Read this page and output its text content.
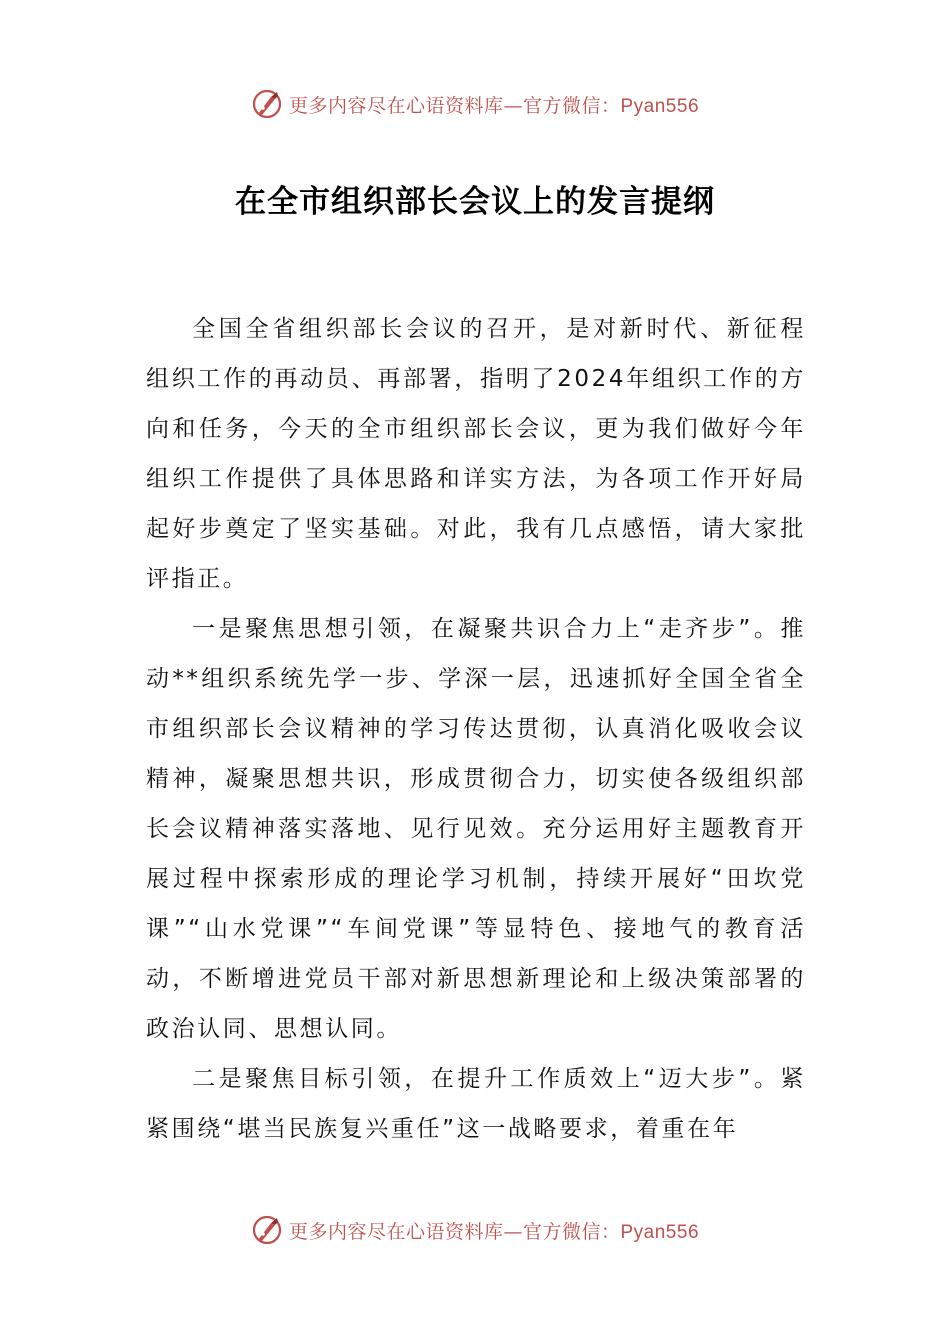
更多内容尽在心语资料库—官方微信：Pyan556
在全市组织部长会议上的发言提纲

全国全省组织部长会议的召开，是对新时代、新征程组织工作的再动员、再部署，指明了2024年组织工作的方向和任务，今天的全市组织部长会议，更为我们做好今年组织工作提供了具体思路和详实方法，为各项工作开好局起好步奠定了坚实基础。对此，我有几点感悟，请大家批评指正。

一是聚焦思想引领，在凝聚共识合力上“走齐步”。推动**组织系统先学一步、学深一层，迅速抓好全国全省全市组织部长会议精神的学习传达贯彻，认真消化吸收会议精神，凝聚思想共识，形成贯彻合力，切实使各级组织部长会议精神落实落地、见行见效。充分运用好主题教育开展过程中探索形成的理论学习机制，持续开展好“田坎党课”“山水党课”“车间党课”等显特色、接地气的教育活动，不断增进党员干部对新思想新理论和上级决策部署的政治认同、思想认同。

二是聚焦目标引领，在提升工作质效上“迈大步”。紧紧围绕“堪当民族复兴重任”这一战略要求，着重在年

更多内容尽在心语资料库—官方微信：Pyan556
